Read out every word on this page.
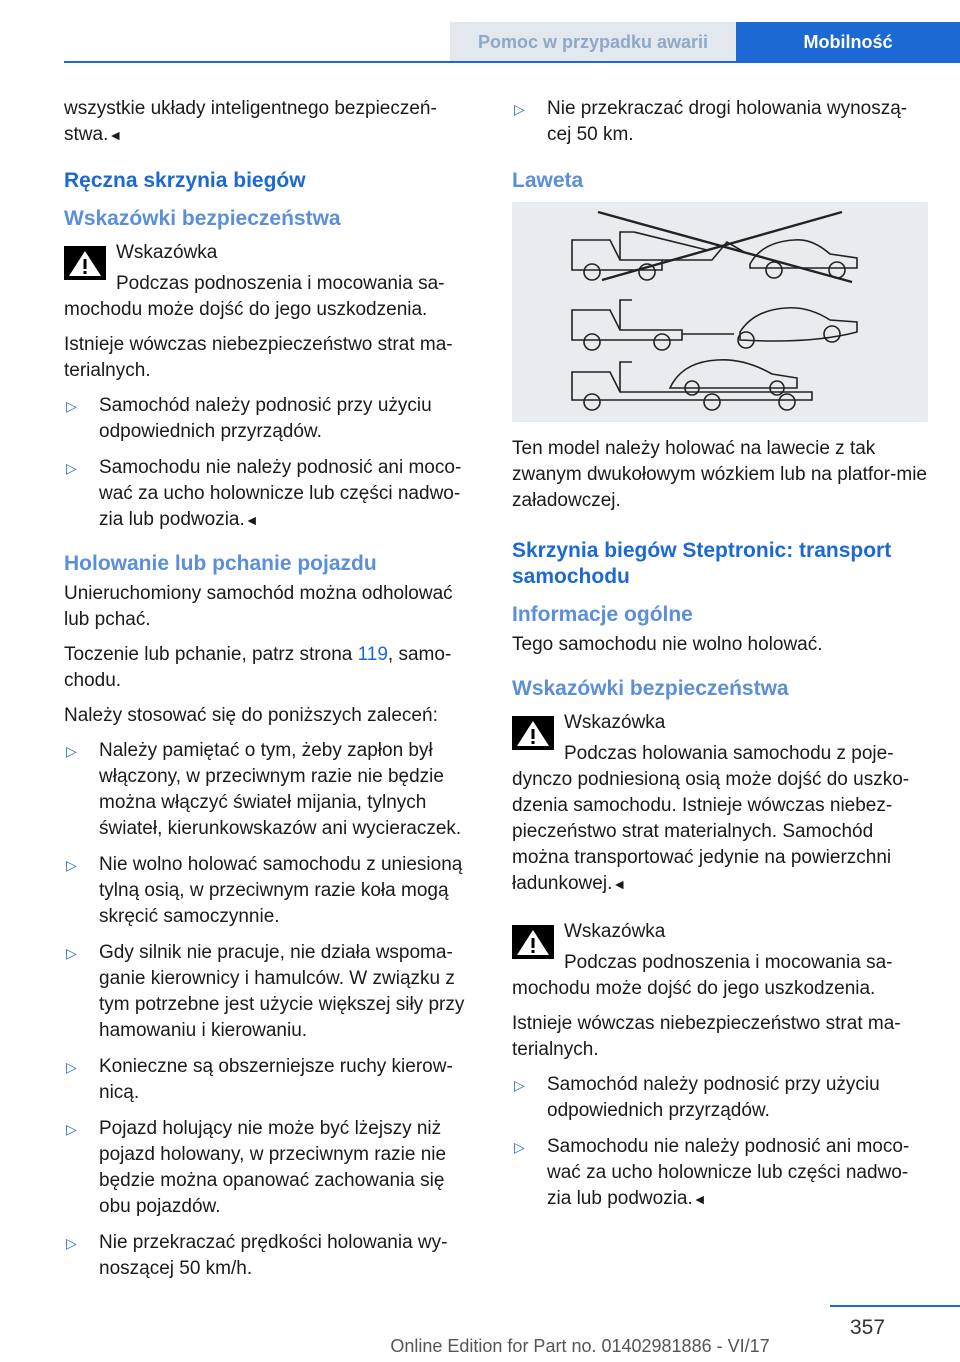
Pomoc w przypadku awarii	Mobilność

wszystkie układy inteligentnego bezpieczeń-stwa.◄

Ręczna skrzynia biegów
Wskazówki bezpieczeństwa

Wskazówka

Podczas podnoszenia i mocowania sa-mochodu może dojść do jego uszkodzenia.

Istnieje wówczas niebezpieczeństwo strat ma-terialnych.

▷ Samochód należy podnosić przy użyciu odpowiednich przyrządów.
▷ Samochodu nie należy podnosić ani moco-wać za ucho holownicze lub części nadwo-zia lub podwozia.◄
Holowanie lub pchanie pojazdu

Unieruchomiony samochód można odholować lub pchać.

Toczenie lub pchanie, patrz strona 119, samo-chodu.

Należy stosować się do poniższych zaleceń:

▷ Należy pamiętać o tym, żeby zapłon był włączony, w przeciwnym razie nie będzie można włączyć świateł mijania, tylnych świateł, kierunkowskazów ani wycieraczek.
▷ Nie wolno holować samochodu z uniesioną tylną osią, w przeciwnym razie koła mogą skręcić samoczynnie.
▷ Gdy silnik nie pracuje, nie działa wspoma-ganie kierownicy i hamulców. W związku z tym potrzebne jest użycie większej siły przy hamowaniu i kierowaniu.
▷ Konieczne są obszerniejsze ruchy kierow-nicą.
▷ Pojazd holujący nie może być lżejszy niż pojazd holowany, w przeciwnym razie nie będzie można opanować zachowania się obu pojazdów.
▷ Nie przekraczać prędkości holowania wy-noszącej 50 km/h.
▷ Nie przekraczać drogi holowania wynoszą-cej 50 km.
Laweta

Ten model należy holować na lawecie z tak zwanym dwukołowym wózkiem lub na platfor-mie załadowczej.

Skrzynia biegów Steptronic: transport samochodu
Informacje ogólne

Tego samochodu nie wolno holować.

Wskazówki bezpieczeństwa

Wskazówka

Podczas holowania samochodu z poje-dynczo podniesioną osią może dojść do uszko-dzenia samochodu. Istnieje wówczas niebez-pieczeństwo strat materialnych. Samochód można transportować jedynie na powierzchni ładunkowej.◄

Wskazówka

Podczas podnoszenia i mocowania sa-mochodu może dojść do jego uszkodzenia.

Istnieje wówczas niebezpieczeństwo strat ma-terialnych.

▷ Samochód należy podnosić przy użyciu odpowiednich przyrządów.
▷ Samochodu nie należy podnosić ani moco-wać za ucho holownicze lub części nadwo-zia lub podwozia.◄
357
Online Edition for Part no. 01402981886 - VI/17
